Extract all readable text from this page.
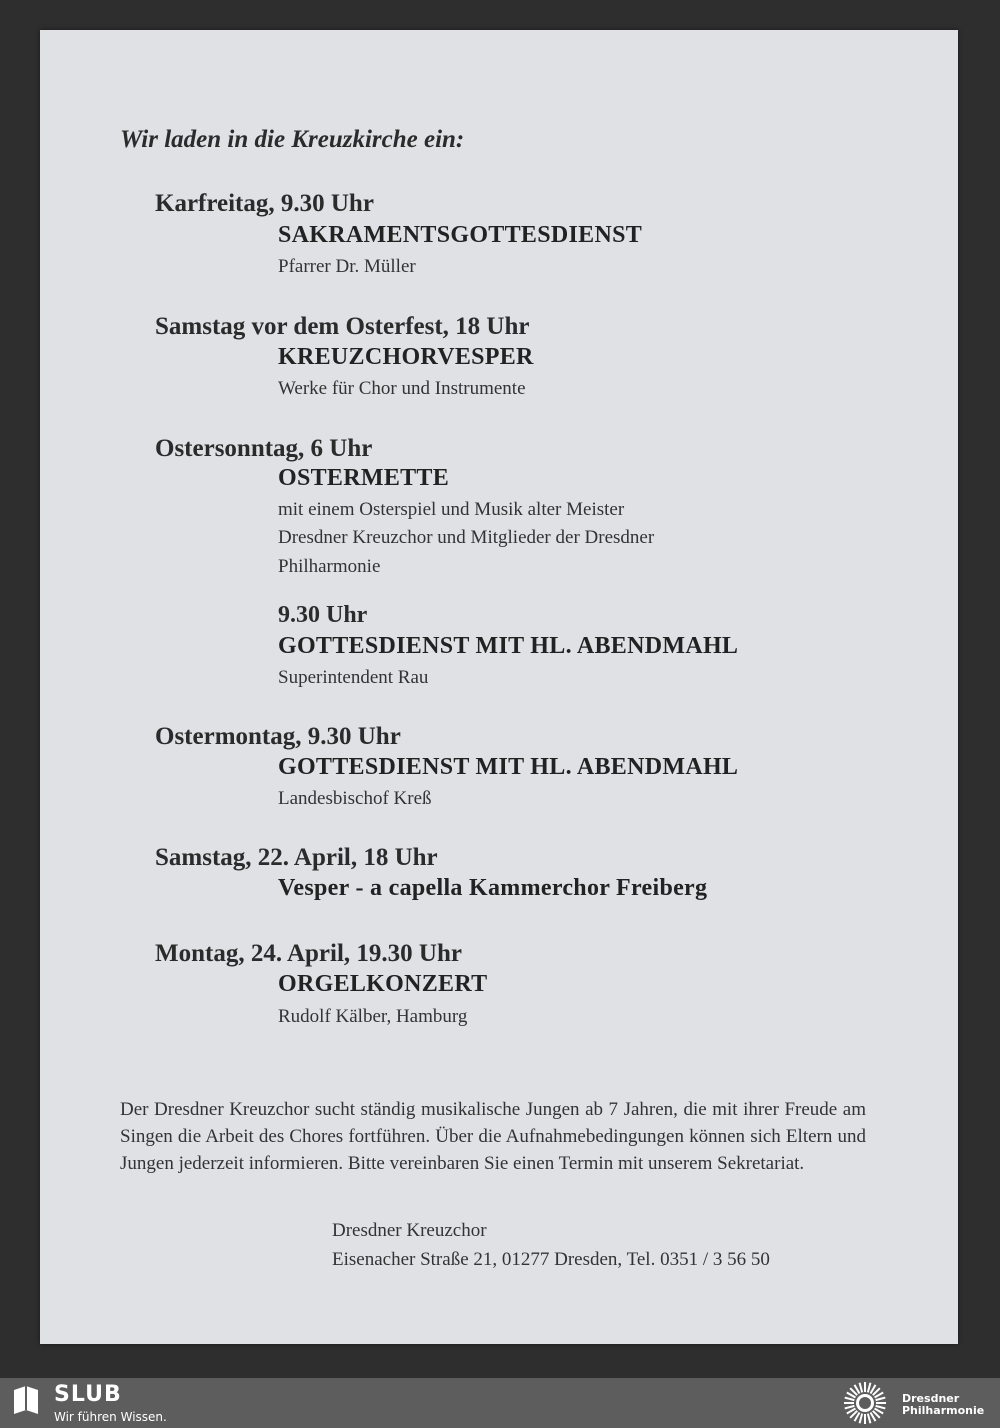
Wir laden in die Kreuzkirche ein:
Karfreitag, 9.30 Uhr
SAKRAMENTSGOTTESDIENST
Pfarrer Dr. Müller
Samstag vor dem Osterfest, 18 Uhr
KREUZCHORVESPER
Werke für Chor und Instrumente
Ostersonntag, 6 Uhr
OSTERMETTE
mit einem Osterspiel und Musik alter Meister
Dresdner Kreuzchor und Mitglieder der Dresdner
Philharmonie
9.30 Uhr
GOTTESDIENST MIT HL. ABENDMAHL
Superintendent Rau
Ostermontag, 9.30 Uhr
GOTTESDIENST MIT HL. ABENDMAHL
Landesbischof Kreß
Samstag, 22. April, 18 Uhr
Vesper - a capella Kammerchor Freiberg
Montag, 24. April, 19.30 Uhr
ORGELKONZERT
Rudolf Kälber, Hamburg
Der Dresdner Kreuzchor sucht ständig musikalische Jungen ab 7 Jahren, die mit ihrer Freude am Singen die Arbeit des Chores fortführen. Über die Aufnahmebedingungen können sich Eltern und Jungen jederzeit informieren. Bitte vereinbaren Sie einen Termin mit unserem Sekretariat.
Dresdner Kreuzchor
Eisenacher Straße 21, 01277 Dresden, Tel. 0351 / 3 56 50
SLUB
Wir führen Wissen.
Dresdner
Philharmonie
